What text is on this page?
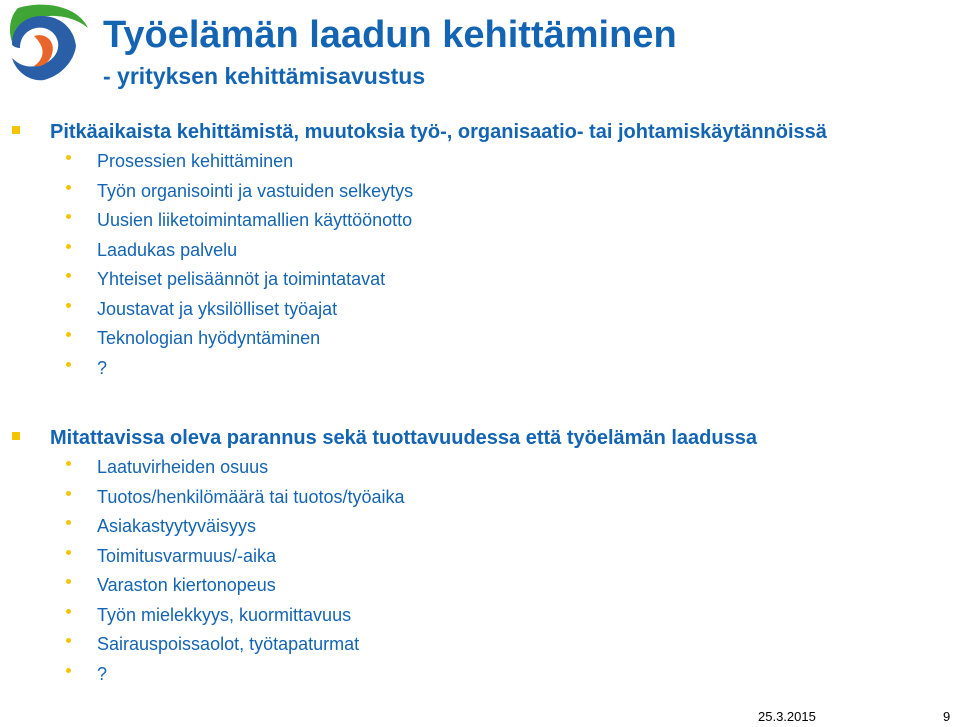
Työelämän laadun kehittäminen
- yrityksen kehittämisavustus
Pitkäaikaista kehittämistä, muutoksia työ-, organisaatio- tai johtamiskäytännöissä
Prosessien kehittäminen
Työn organisointi ja vastuiden selkeytys
Uusien liiketoimintamallien käyttöönotto
Laadukas palvelu
Yhteiset pelisäännöt ja toimintatavat
Joustavat ja yksilölliset työajat
Teknologian hyödyntäminen
?
Mitattavissa oleva parannus sekä tuottavuudessa että työelämän laadussa
Laatuvirheiden osuus
Tuotos/henkilömäärä tai tuotos/työaika
Asiakastyytyväisyys
Toimitusvarmuus/-aika
Varaston kiertonopeus
Työn mielekkyys, kuormittavuus
Sairauspoissaolot, työtapaturmat
?
25.3.2015	9
